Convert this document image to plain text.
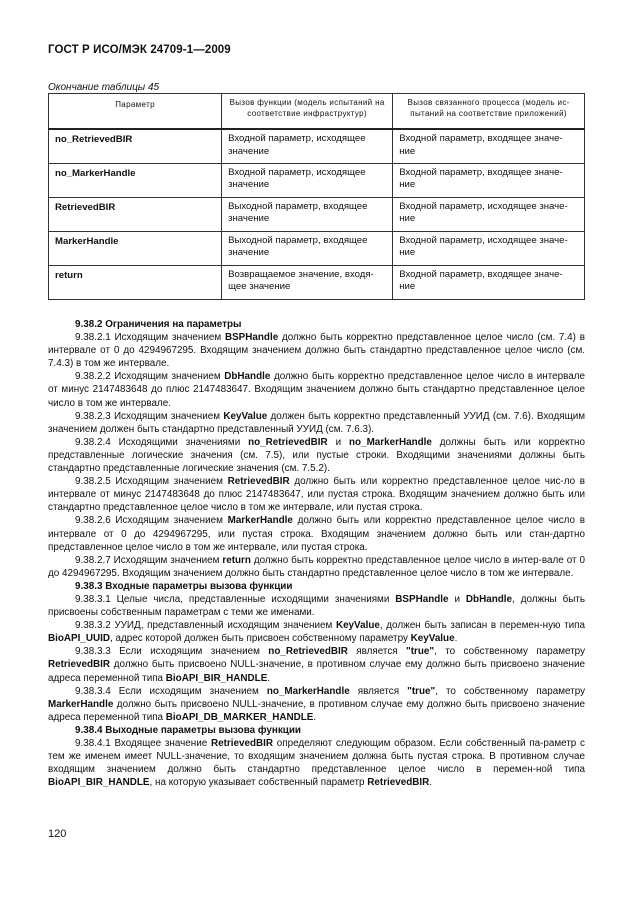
ГОСТ Р ИСО/МЭК 24709-1—2009
Окончание таблицы 45
Параметр	Вызов функции (модель испытаний на соответствие инфраструктур)	Вызов связанного процесса (модель ис-пытаний на соответствие приложений)
no_RetrievedBIR	Входной параметр, исходящее значение	Входной параметр, входящее значе-ние
no_MarkerHandle	Входной параметр, исходящее значение	Входной параметр, входящее значе-ние
RetrievedBIR	Выходной параметр, входящее значение	Входной параметр, исходящее значе-ние
MarkerHandle	Выходной параметр, входящее значение	Входной параметр, исходящее значе-ние
return	Возвращаемое значение, входя-щее значение	Входной параметр, входящее значе-ние

9.38.2 Ограничения на параметры

9.38.2.1 Исходящим значением BSPHandle должно быть корректно представленное целое число (см. 7.4) в интервале от 0 до 4294967295. Входящим значением должно быть стандартно представленное целое число (см. 7.4.3) в том же интервале.

9.38.2.2 Исходящим значением DbHandle должно быть корректно представленное целое число в интервале от минус 2147483648 до плюс 2147483647. Входящим значением должно быть стандартно представленное целое число в том же интервале.

9.38.2.3 Исходящим значением KeyValue должен быть корректно представленный УУИД (см. 7.6). Входящим значением должен быть стандартно представленный УУИД (см. 7.6.3).

9.38.2.4 Исходящими значениями no_RetrievedBIR и no_MarkerHandle должны быть или корректно представленные логические значения (см. 7.5), или пустые строки. Входящими значениями должны быть стандартно представленные логические значения (см. 7.5.2).

9.38.2.5 Исходящим значением RetrievedBIR должно быть или корректно представленное целое чис-ло в интервале от минус 2147483648 до плюс 2147483647, или пустая строка. Входящим значением должно быть или стандартно представленное целое число в том же интервале, или пустая строка.

9.38.2.6 Исходящим значением MarkerHandle должно быть или корректно представленное целое число в интервале от 0 до 4294967295, или пустая строка. Входящим значением должно быть или стан-дартно представленное целое число в том же интервале, или пустая строка.

9.38.2.7 Исходящим значением return должно быть корректно представленное целое число в интер-вале от 0 до 4294967295. Входящим значением должно быть стандартно представленное целое число в том же интервале.

9.38.3 Входные параметры вызова функции

9.38.3.1 Целые числа, представленные исходящими значениями BSPHandle и DbHandle, должны быть присвоены собственным параметрам с теми же именами.

9.38.3.2 УУИД, представленный исходящим значением KeyValue, должен быть записан в перемен-ную типа BioAPI_UUID, адрес которой должен быть присвоен собственному параметру KeyValue.

9.38.3.3 Если исходящим значением no_RetrievedBIR является "true", то собственному параметру RetrievedBIR должно быть присвоено NULL-значение, в противном случае ему должно быть присвоено значение адреса переменной типа BioAPI_BIR_HANDLE.

9.38.3.4 Если исходящим значением no_MarkerHandle является "true", то собственному параметру MarkerHandle должно быть присвоено NULL-значение, в противном случае ему должно быть присвоено значение адреса переменной типа BioAPI_DB_MARKER_HANDLE.

9.38.4 Выходные параметры вызова функции

9.38.4.1 Входящее значение RetrievedBIR определяют следующим образом. Если собственный па-раметр с тем же именем имеет NULL-значение, то входящим значением должна быть пустая строка. В противном случае входящим значением должно быть стандартно представленное целое число в перемен-ной типа BioAPI_BIR_HANDLE, на которую указывает собственный параметр RetrievedBIR.

120
